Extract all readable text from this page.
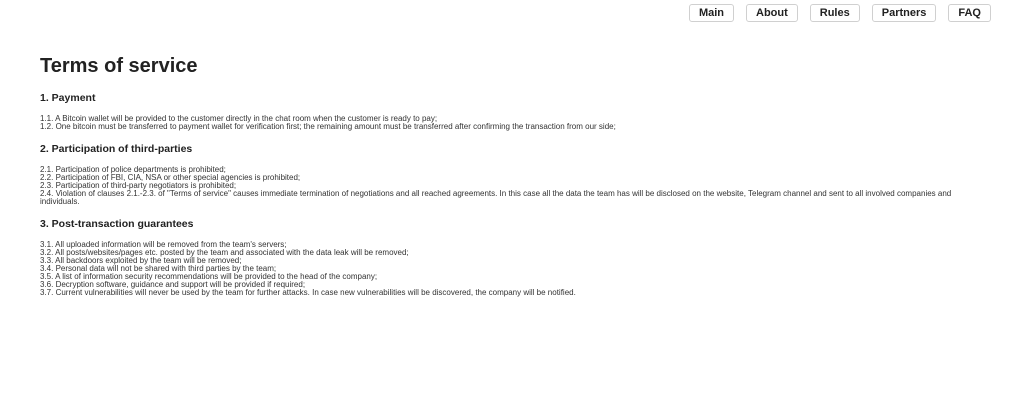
Main	About	Rules	Partners	FAQ
Terms of service
1. Payment

1.1. A Bitcoin wallet will be provided to the customer directly in the chat room when the customer is ready to pay;

1.2. One bitcoin must be transferred to payment wallet for verification first; the remaining amount must be transferred after confirming the transaction from our side;

2. Participation of third-parties

2.1. Participation of police departments is prohibited;

2.2. Participation of FBI, CIA, NSA or other special agencies is prohibited;

2.3. Participation of third-party negotiators is prohibited;

2.4. Violation of clauses 2.1.-2.3. of "Terms of service" causes immediate termination of negotiations and all reached agreements. In this case all the data the team has will be disclosed on the website, Telegram channel and sent to all involved companies and individuals.

3. Post-transaction guarantees

3.1. All uploaded information will be removed from the team's servers;

3.2. All posts/websites/pages etc. posted by the team and associated with the data leak will be removed;

3.3. All backdoors exploited by the team will be removed;

3.4. Personal data will not be shared with third parties by the team;

3.5. A list of information security recommendations will be provided to the head of the company;

3.6. Decryption software, guidance and support will be provided if required;

3.7. Current vulnerabilities will never be used by the team for further attacks. In case new vulnerabilities will be discovered, the company will be notified.
